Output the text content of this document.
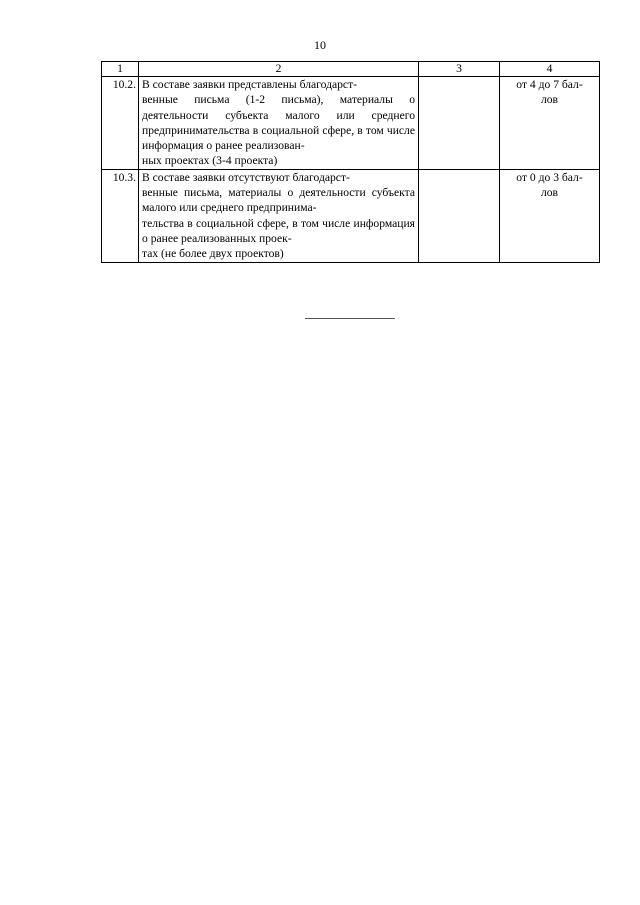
10
1	2	3	4
10.2.	В составе заявки представлены благодарст-
венные письма (1-2 письма), материалы о деятельности субъекта малого или среднего предпринимательства в социальной сфере, в том числе информация о ранее реализован-
ных проектах (3-4 проекта)		от 4 до 7 бал-
лов
10.3.	В составе заявки отсутствуют благодарст-
венные письма, материалы о деятельности субъекта малого или среднего предпринима-
тельства в социальной сфере, в том числе информация о ранее реализованных проек-
тах (не более двух проектов)		от 0 до 3 бал-
лов
